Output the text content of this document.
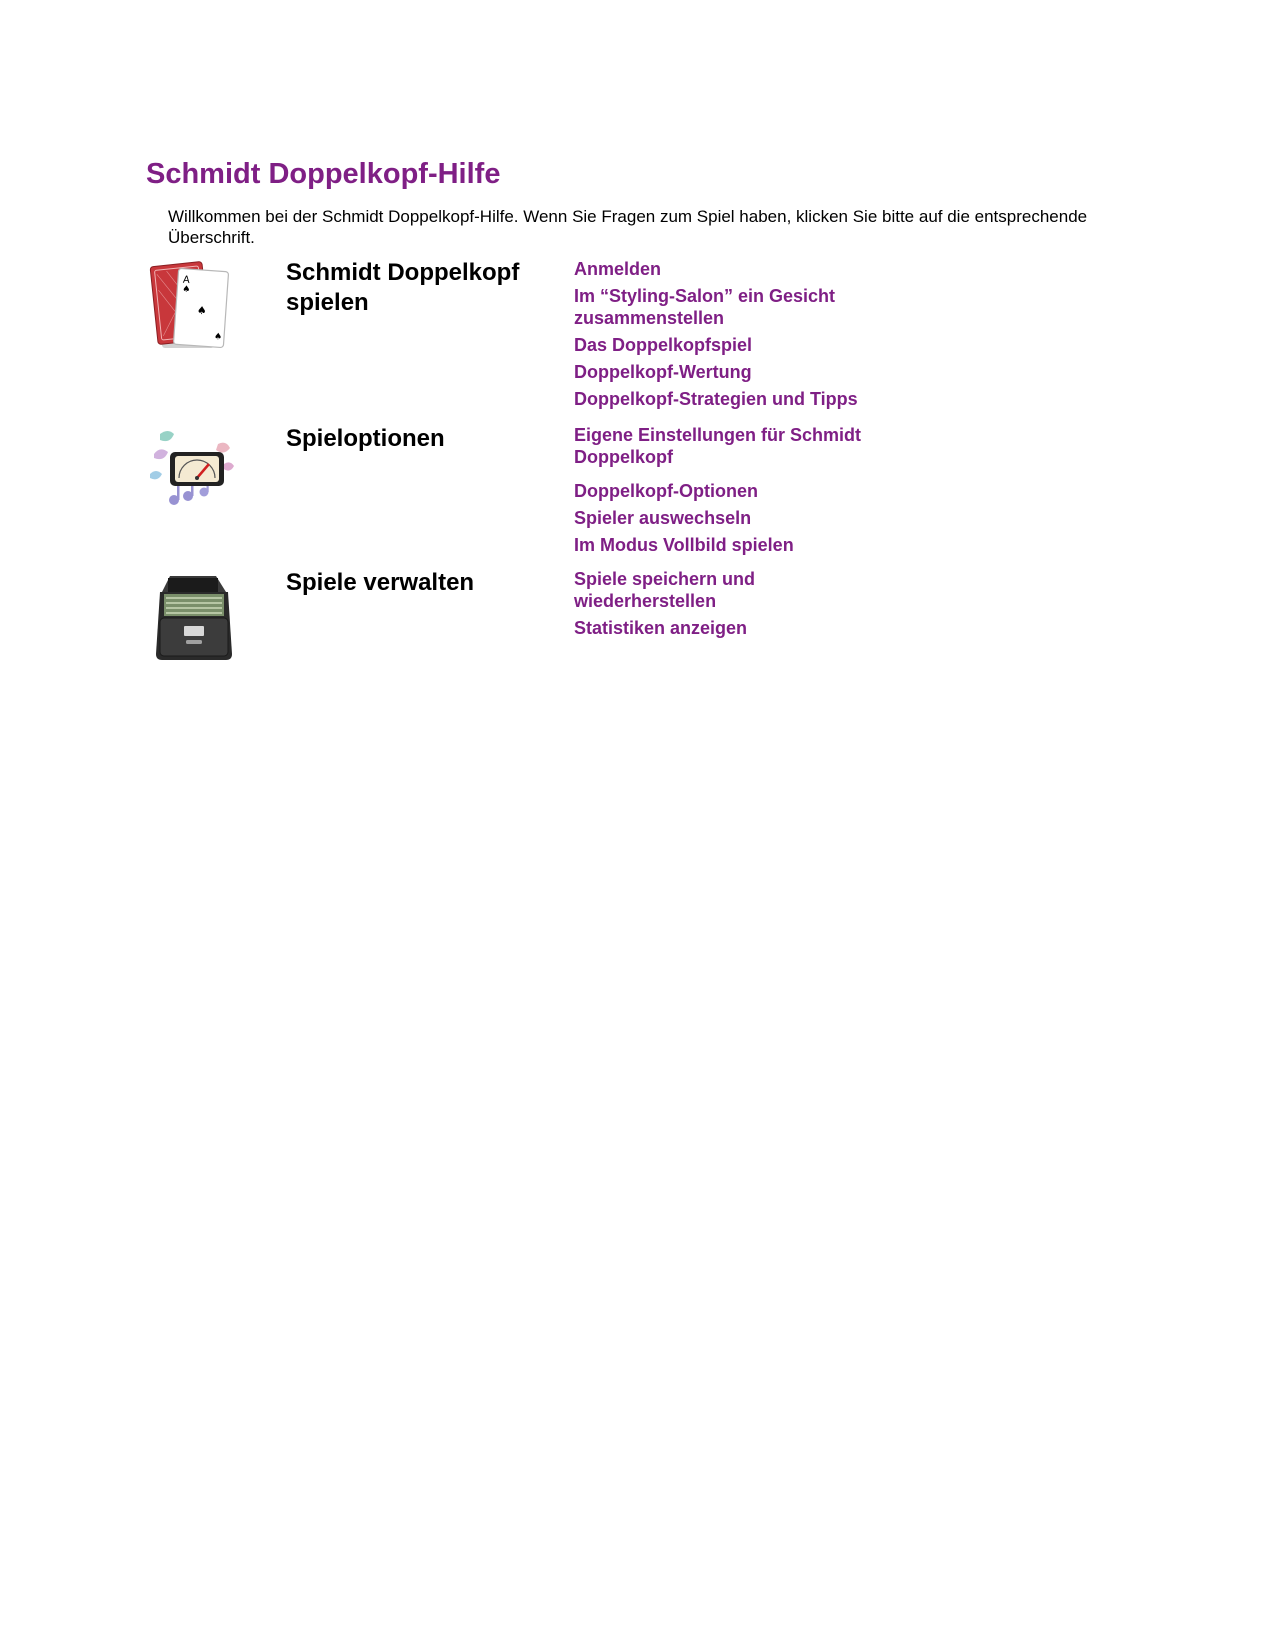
Schmidt Doppelkopf-Hilfe

Willkommen bei der Schmidt Doppelkopf-Hilfe. Wenn Sie Fragen zum Spiel haben, klicken Sie bitte auf die entsprechende Überschrift.

A
♠
♠
♠
Schmidt Doppelkopf spielen
Anmelden
Im “Styling-Salon” ein Gesicht zusammenstellen
Das Doppelkopfspiel
Doppelkopf-Wertung
Doppelkopf-Strategien und Tipps
Spieloptionen	Eigene Einstellungen für Schmidt Doppelkopf
Doppelkopf-Optionen
Spieler auswechseln
Im Modus Vollbild spielen
Spiele verwalten	Spiele speichern und wiederherstellen
Statistiken anzeigen
